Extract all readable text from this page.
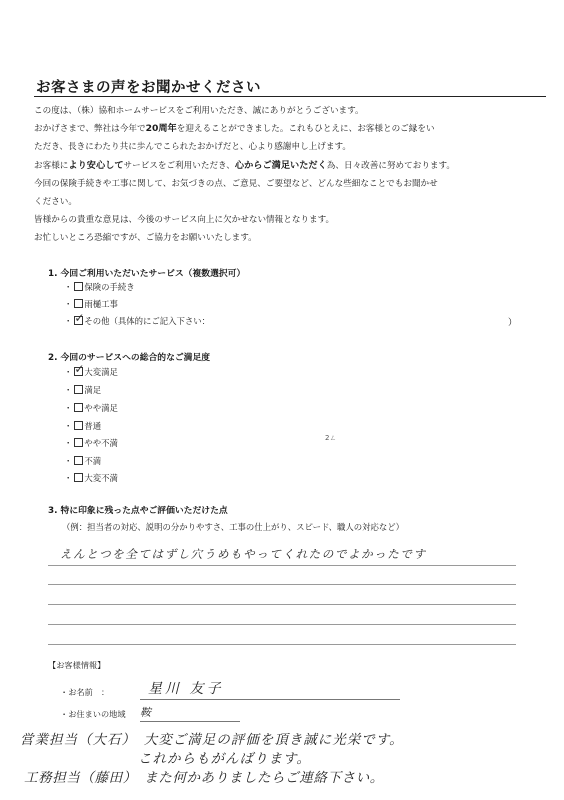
お客さまの声をお聞かせください

この度は、（株）協和ホームサービスをご利用いただき、誠にありがとうございます。

おかげさまで、弊社は今年で20周年を迎えることができました。これもひとえに、お客様とのご縁をい

ただき、長きにわたり共に歩んでこられたおかげだと、心より感謝申し上げます。

お客様により安心してサービスをご利用いただき、心からご満足いただく為、日々改善に努めております。

今回の保険手続きや工事に関して、お気づきの点、ご意見、ご要望など、どんな些細なことでもお聞かせ

ください。

皆様からの貴重な意見は、今後のサービス向上に欠かせない情報となります。

お忙しいところ恐縮ですが、ご協力をお願いいたします。

1. 今回ご利用いただいたサービス（複数選択可）
・ 保険の手続き
・ 雨樋工事
・ ✓ その他（具体的にご記入下さい：	）
2. 今回のサービスへの総合的なご満足度
・ ✓ 大変満足
・ 満足
・ やや満足
・ 普通
・ やや不満
・ 不満
・ 大変不満
2ㄥ
3. 特に印象に残った点やご評価いただけた点
（例：担当者の対応、説明の分かりやすさ、工事の仕上がり、スピード、職人の対応など）
えんとつを全てはずし穴うめもやってくれたのでよかったです
【お客様情報】
・お名前　：	星川 友子
・お住まいの地域 鞍
営業担当（大石）　大変ご満足の評価を頂き誠に光栄です。
これからもがんばります。
工務担当（藤田）　また何かありましたらご連絡下さい。
